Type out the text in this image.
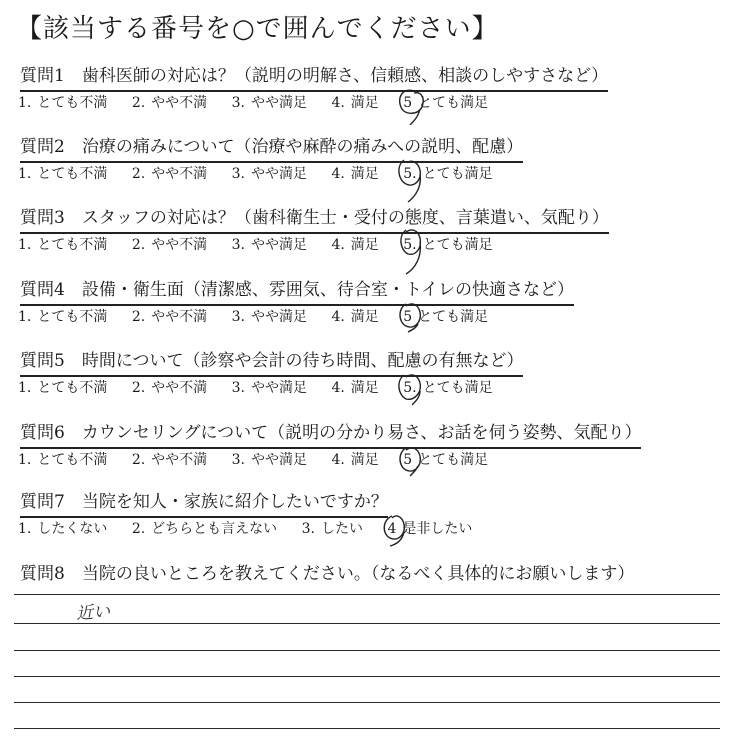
【該当する番号を○で囲んでください】
質問1　歯科医師の対応は？（説明の明解さ、信頼感、相談のしやすさなど）
1. とても不満 2. やや不満 3. やや満足 4. 満足 5 とても満足
質問2　治療の痛みについて（治療や麻酔の痛みへの説明、配慮）
1. とても不満 2. やや不満 3. やや満足 4. 満足 5. とても満足
質問3　スタッフの対応は？（歯科衛生士・受付の態度、言葉遣い、気配り）
1. とても不満 2. やや不満 3. やや満足 4. 満足 5. とても満足
質問4　設備・衛生面（清潔感、雰囲気、待合室・トイレの快適さなど）
1. とても不満 2. やや不満 3. やや満足 4. 満足 5 とても満足
質問5　時間について（診察や会計の待ち時間、配慮の有無など）
1. とても不満 2. やや不満 3. やや満足 4. 満足 5. とても満足
質問6　カウンセリングについて（説明の分かり易さ、お話を伺う姿勢、気配り）
1. とても不満 2. やや不満 3. やや満足 4. 満足 5 とても満足
質問7　当院を知人・家族に紹介したいですか？
1. したくない 2. どちらとも言えない 3. したい 4 是非したい
質問8　当院の良いところを教えてください。（なるべく具体的にお願いします）
近い
